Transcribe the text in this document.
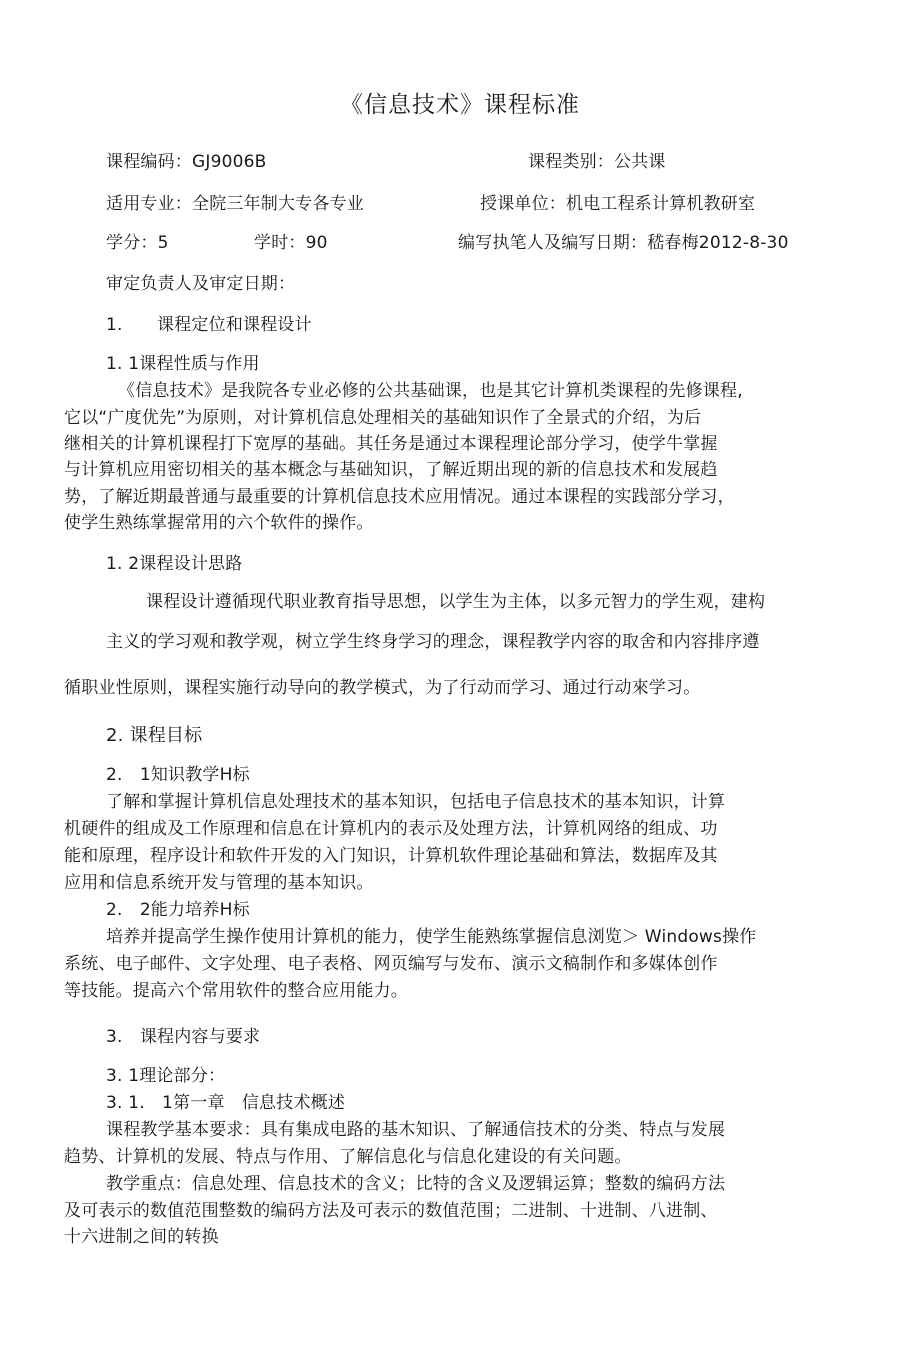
《信息技术》课程标准
课程编码：GJ9006B	课程类别：公共课
适用专业：全院三年制大专各专业	授课单位：机电工程系计算机教研室
学分：5	学时：90	编写执笔人及编写日期：嵇春梅2012-8-30
审定负责人及审定日期：
1.　　课程定位和课程设计
1. 1课程性质与作用
《信息技术》是我院各专业必修的公共基础课，也是其它计算机类课程的先修课程,
它以“广度优先”为原则，对计算机信息处理相关的基础知识作了全景式的介绍，为后
继相关的计算机课程打下宽厚的基础。其任务是通过本课程理论部分学习，使学牛掌握
与计算机应用密切相关的基本概念与基础知识，了解近期出现的新的信息技术和发展趋
势，了解近期最普通与最重要的计算机信息技术应用情况。通过本课程的实践部分学习，
使学生熟练掌握常用的六个软件的操作。
1. 2课程设计思路
课程设计遵循现代职业教育指导思想，以学生为主体，以多元智力的学生观，建构
主义的学习观和教学观，树立学生终身学习的理念，课程教学内容的取舍和内容排序遵
循职业性原则，课程实施行动导向的教学模式，为了行动而学习、通过行动來学习。
2. 课程目标
2.　1知识教学H标
了解和掌握计算机信息处理技术的基本知识，包括电子信息技术的基本知识，计算
机硬件的组成及工作原理和信息在计算机内的表示及处理方法，计算机网络的组成、功
能和原理，程序设计和软件开发的入门知识，计算机软件理论基础和算法，数据库及其
应用和信息系统开发与管理的基本知识。
2.　2能力培养H标
培养并提高学生操作使用计算机的能力，使学生能熟练掌握信息浏览＞ Windows操作
系统、电子邮件、文字处理、电子表格、网页编写与发布、演示文稿制作和多媒体创作
等技能。提高六个常用软件的整合应用能力。
3.　课程内容与要求
3. 1理论部分：
3. 1.　1第一章　信息技术概述
课程教学基本要求：具有集成电路的基木知识、了解通信技术的分类、特点与发展
趋势、计算机的发展、特点与作用、了解信息化与信息化建设的有关问题。
教学重点：信息处理、信息技术的含义；比特的含义及逻辑运算；整数的编码方法
及可表示的数值范围整数的编码方法及可表示的数值范围；二进制、十进制、八进制、
十六进制之间的转换
